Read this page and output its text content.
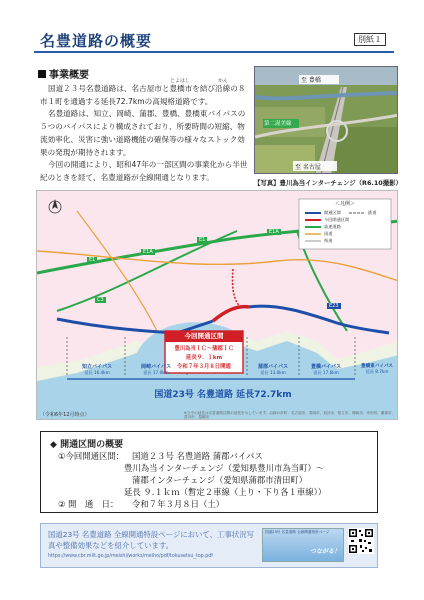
名豊道路の概要	別紙１
事業概要	とよはし	かん

国道２３号名豊道路は、名古屋市と豊橋市を結び沿線の８市１町を通過する延長72.7kmの高規格道路です。

名豊道路は、知立、岡崎、蒲郡、豊橋、豊橋東バイパスの５つのバイパスにより構成されており、所要時間の短縮、物流効率化、災害に強い道路機能の確保等の様々なストック効果の発現が期待されます。

今回の開通により、昭和47年の一部区間の事業化から半世紀のときを経て、名豊道路が全線開通となります。

至 豊橋
第二渥美線
至 名古屋
【写真】豊川為当インターチェンジ（R6.10撮影）
E1
E1A
E1
E1A
C3
E23
＜凡例＞
開通区間
今回開通区間
高速道路
国道
県道
鉄道
今回開通区間
豊川為当ＩＣ～蒲郡ＩＣ
延長９．１km
令和７年３月８日開通
知立バイパス
延長 16.4km
岡崎バイパス
延長 17.0km
蒲郡バイパス
延長 13.0km
豊橋バイパス
延長 17.6km
豊橋東バイパス
延長 8.7km
国道23号 名豊道路 延長72.7km
（令和6年12月時点）	※文中の延長は名豊道路区間の延長を示しています。沿線の市町：名古屋市、豊明市、刈谷市、知立市、岡崎市、幸田町、蒲郡市、豊川市、豊橋市
◆ 開通区間の概要
①今回開通区間： 国道２３号 名豊道路 蒲郡バイパス
豊川為当インターチェンジ（愛知県豊川市為当町）～
蒲郡インターチェンジ（愛知県蒲郡市清田町）
延長 ９.１ｋｍ（暫定２車線（上り・下り各１車線））
② 開　通　日： 令和７年３月８日（土）
国道23号 名豊道路 全線開通特設ページにおいて、工事状況写真や整備効果などを紹介しています。
https://www.cbr.mlit.go.jp/meishi/works/meiho/pdf/tokusetsu_top.pdf
国道23号 名豊道路 全線開通特設ページ
つながる！
